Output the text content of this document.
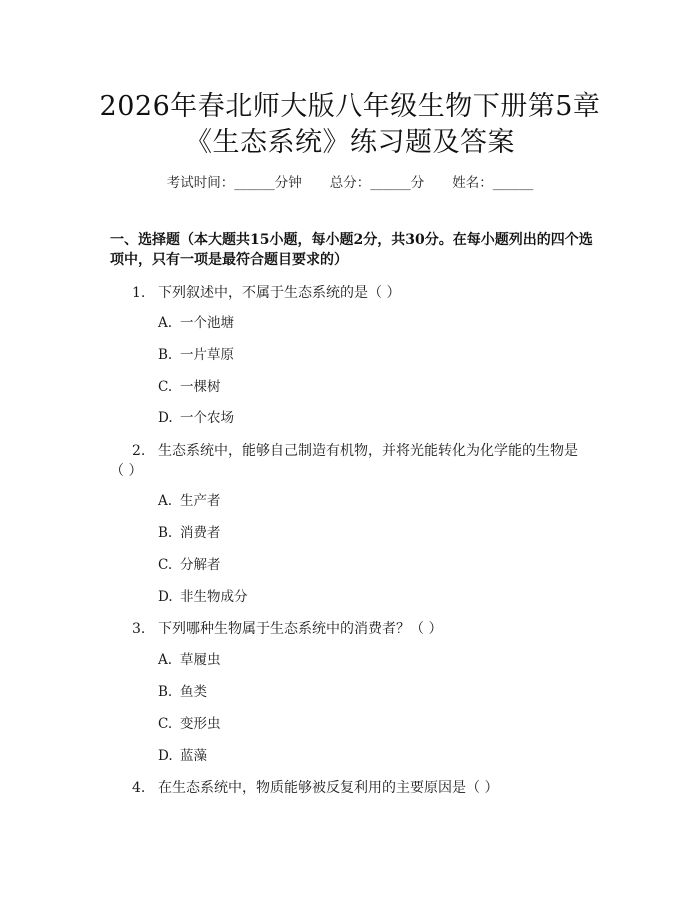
2026年春北师大版八年级生物下册第5章
《生态系统》练习题及答案
考试时间：______分钟 总分：______分 姓名：______
一、选择题（本大题共15小题，每小题2分，共30分。在每小题列出的四个选项中，只有一项是最符合题目要求的）
1. 下列叙述中，不属于生态系统的是（ ）
A. 一个池塘
B. 一片草原
C. 一棵树
D. 一个农场
2. 生态系统中，能够自己制造有机物，并将光能转化为化学能的生物是（ ）
A. 生产者
B. 消费者
C. 分解者
D. 非生物成分
3. 下列哪种生物属于生态系统中的消费者？（ ）
A. 草履虫
B. 鱼类
C. 变形虫
D. 蓝藻
4. 在生态系统中，物质能够被反复利用的主要原因是（ ）
